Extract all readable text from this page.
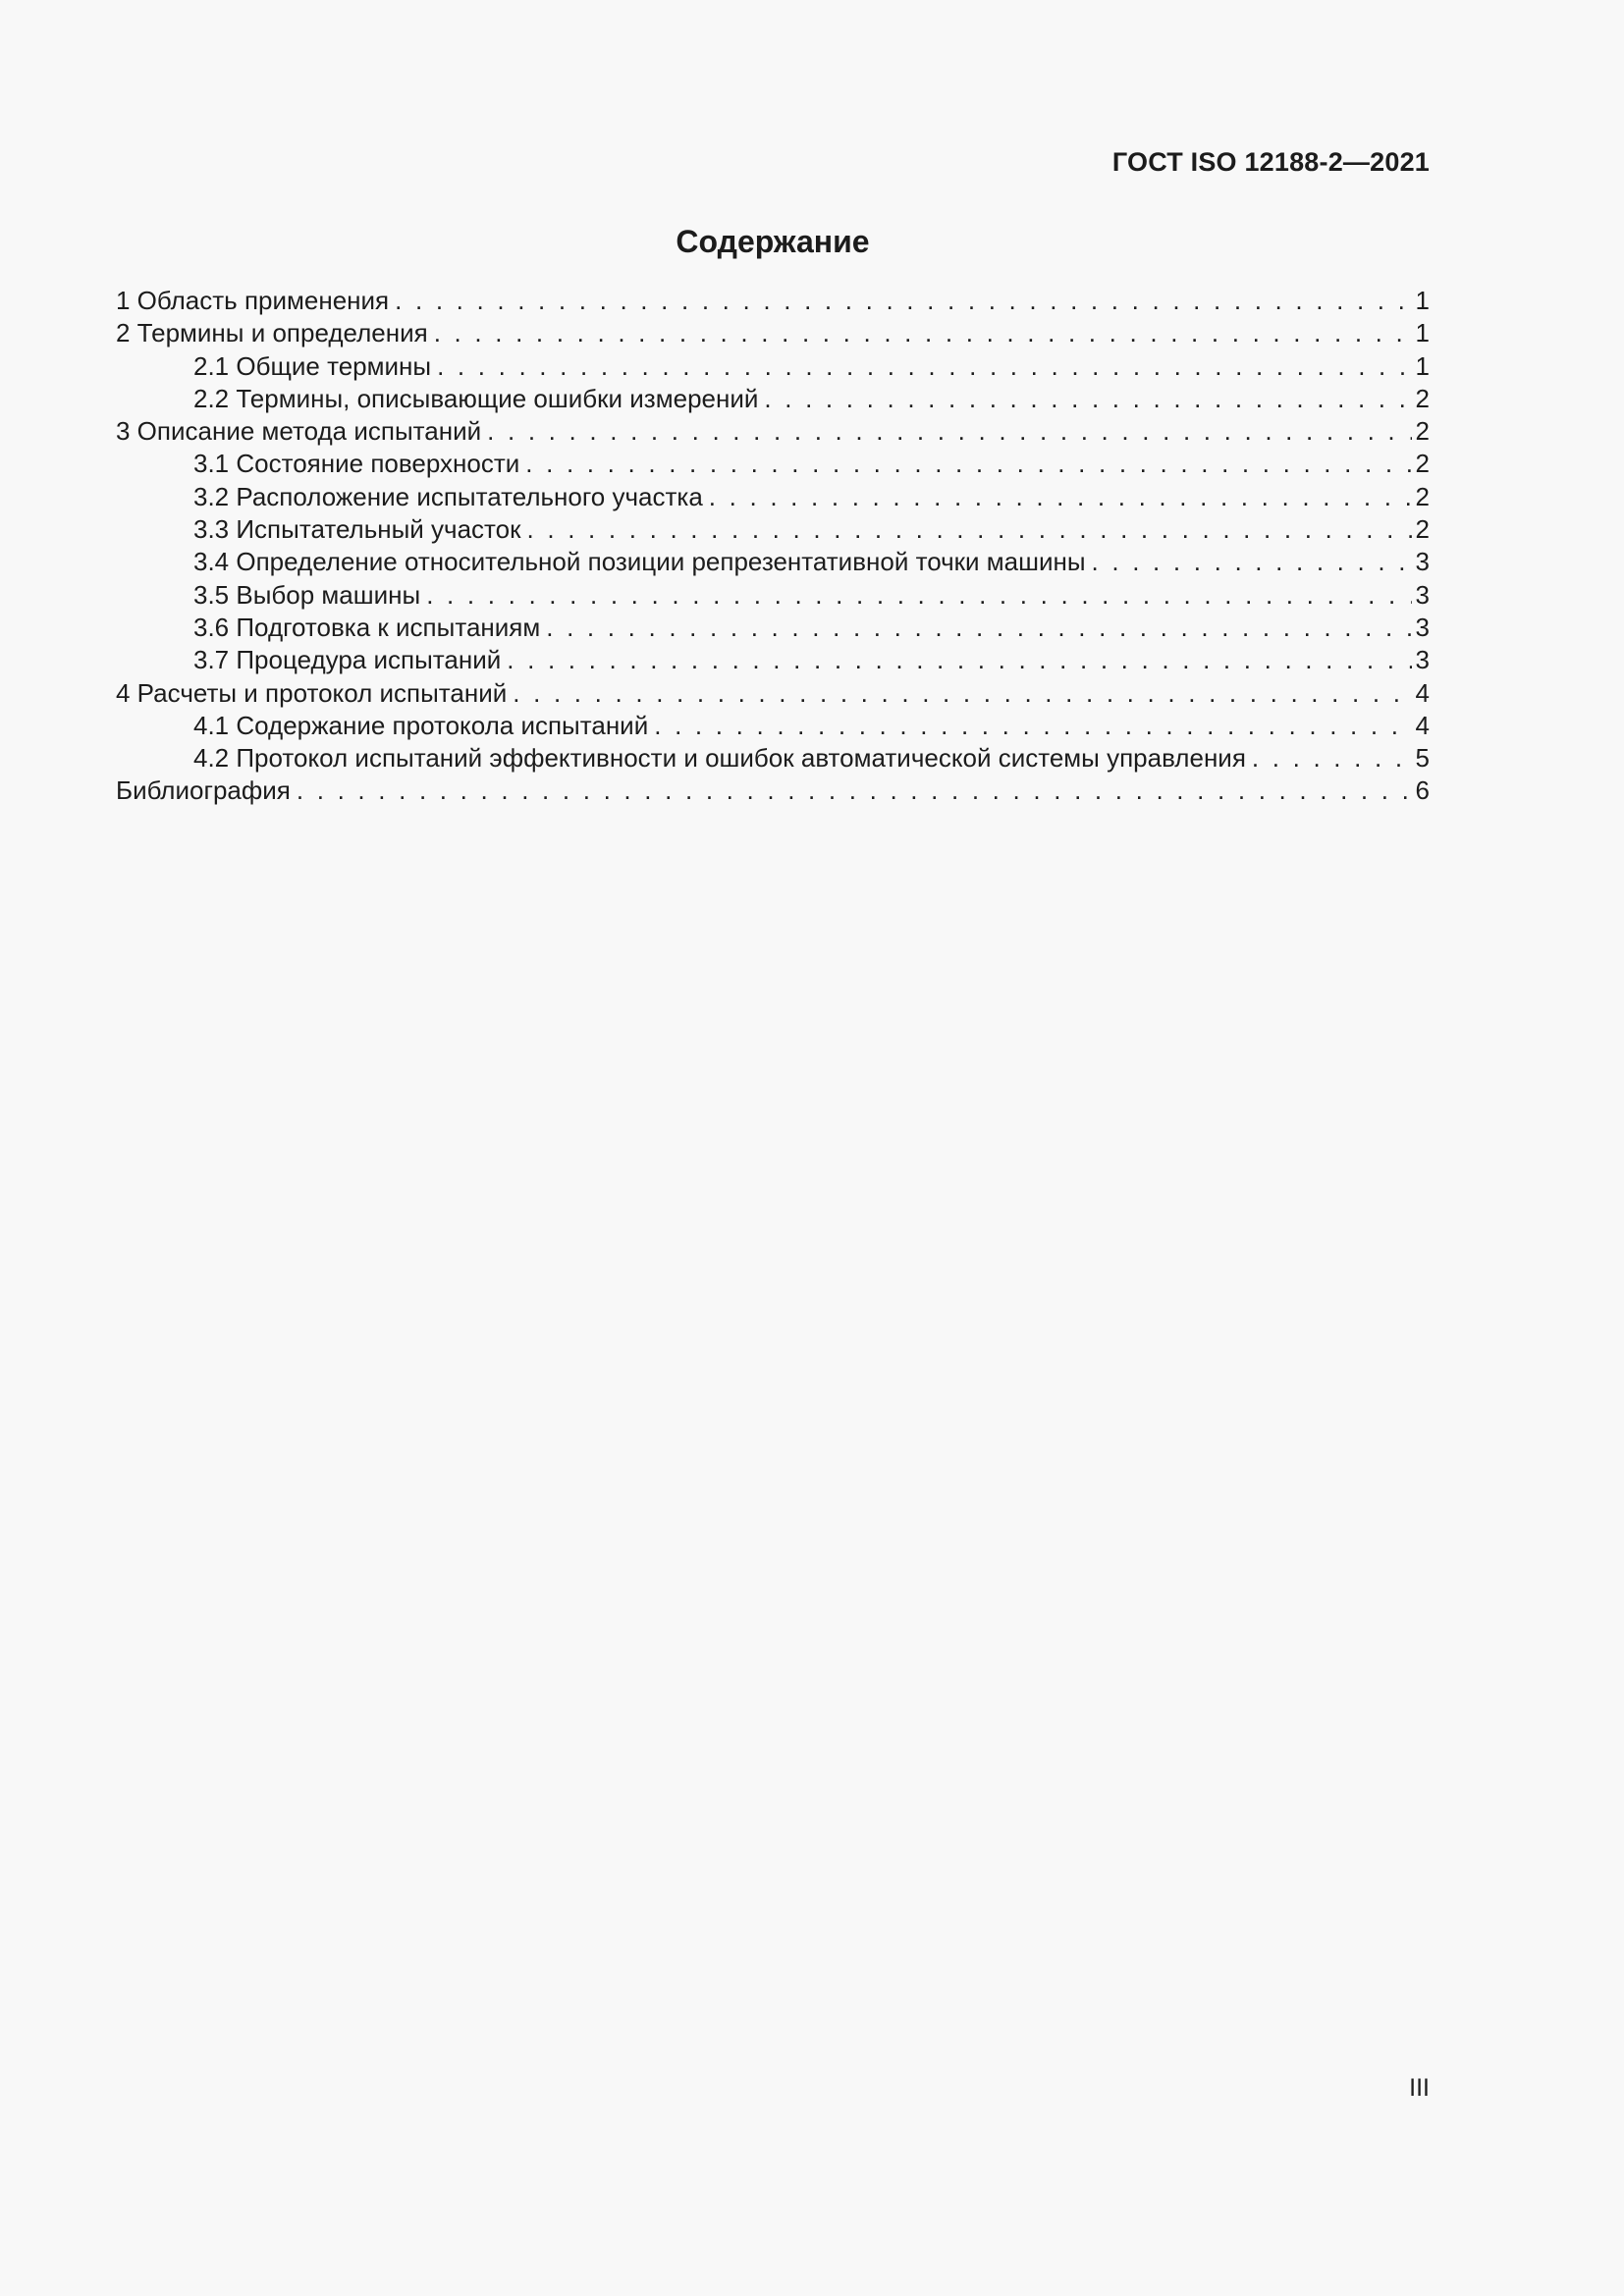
ГОСТ ISO 12188-2—2021
Содержание
1 Область применения . . .	1
2 Термины и определения . . .	1
2.1 Общие термины . . .	1
2.2 Термины, описывающие ошибки измерений . . .	2
3 Описание метода испытаний . . .	2
3.1 Состояние поверхности . . .	2
3.2 Расположение испытательного участка . . .	2
3.3 Испытательный участок . . .	2
3.4 Определение относительной позиции репрезентативной точки машины . . .	3
3.5 Выбор машины . . .	3
3.6 Подготовка к испытаниям . . .	3
3.7 Процедура испытаний . . .	3
4 Расчеты и протокол испытаний . . .	4
4.1 Содержание протокола испытаний . . .	4
4.2 Протокол испытаний эффективности и ошибок автоматической системы управления . . .	5
Библиография . . .	6
III
